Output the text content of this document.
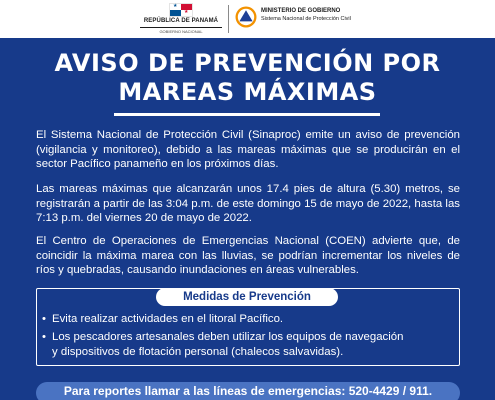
★
★
REPÚBLICA DE PANAMÁ
GOBIERNO NACIONAL
MINISTERIO DE GOBIERNO
Sistema Nacional de Protección Civil
AVISO DE PREVENCIÓN POR
MAREAS MÁXIMAS

El Sistema Nacional de Protección Civil (Sinaproc) emite un aviso de prevención (vigilancia y monitoreo), debido a las mareas máximas que se producirán en el sector Pacífico panameño en los próximos días.

Las mareas máximas que alcanzarán unos 17.4 pies de altura (5.30) metros, se registrarán a partir de las 3:04 p.m. de este domingo 15 de mayo de 2022, hasta las 7:13 p.m. del viernes 20 de mayo de 2022.

El Centro de Operaciones de Emergencias Nacional (COEN) advierte que, de coincidir la máxima marea con las lluvias, se podrían incrementar los niveles de ríos y quebradas, causando inundaciones en áreas vulnerables.

Medidas de Prevención
• Evita realizar actividades en el litoral Pacífico.
• Los pescadores artesanales deben utilizar los equipos de navegación
y dispositivos de flotación personal (chalecos salvavidas).
Para reportes llamar a las líneas de emergencias: 520-4429 / 911.
